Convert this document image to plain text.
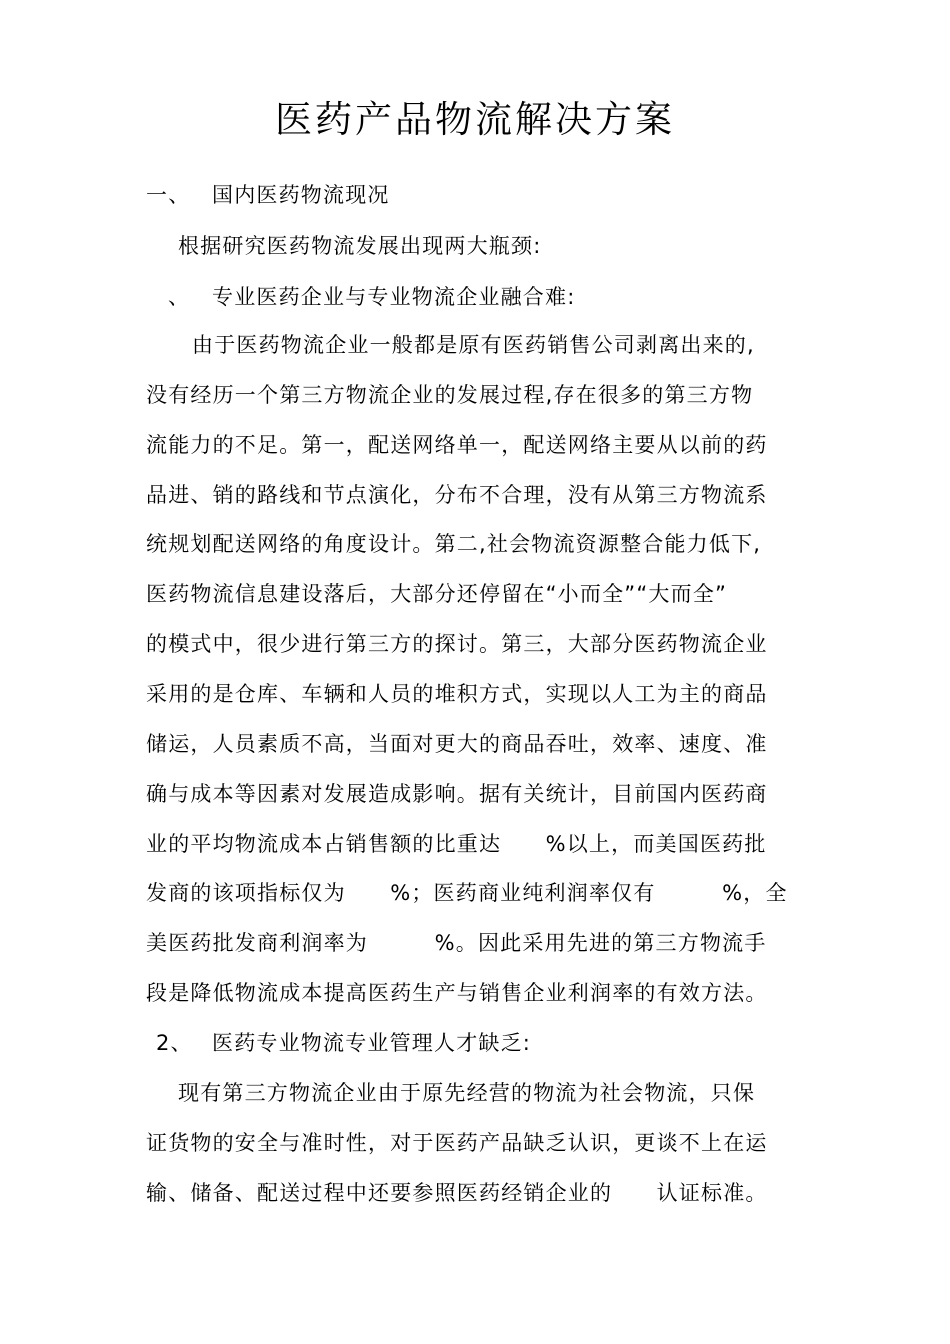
医药产品物流解决方案
一、 国内医药物流现况
根据研究医药物流发展出现两大瓶颈:
、 专业医药企业与专业物流企业融合难:
由于医药物流企业一般都是原有医药销售公司剥离出来的,
没有经历一个第三方物流企业的发展过程,存在很多的第三方物
流能力的不足。第一，配送网络单一，配送网络主要从以前的药
品进、销的路线和节点演化，分布不合理，没有从第三方物流系
统规划配送网络的角度设计。第二,社会物流资源整合能力低下,
医药物流信息建设落后，大部分还停留在“小而全”“大而全”
的模式中，很少进行第三方的探讨。第三，大部分医药物流企业
采用的是仓库、车辆和人员的堆积方式，实现以人工为主的商品
储运，人员素质不高，当面对更大的商品吞吐，效率、速度、准
确与成本等因素对发展造成影响。据有关统计，目前国内医药商
业的平均物流成本占销售额的比重达　　%以上，而美国医药批
发商的该项指标仅为　　%；医药商业纯利润率仅有　　　%，全
美医药批发商利润率为　　　%。因此采用先进的第三方物流手
段是降低物流成本提高医药生产与销售企业利润率的有效方法。
2、 医药专业物流专业管理人才缺乏:
现有第三方物流企业由于原先经营的物流为社会物流，只保
证货物的安全与准时性，对于医药产品缺乏认识，更谈不上在运
输、储备、配送过程中还要参照医药经销企业的　　认证标准。
